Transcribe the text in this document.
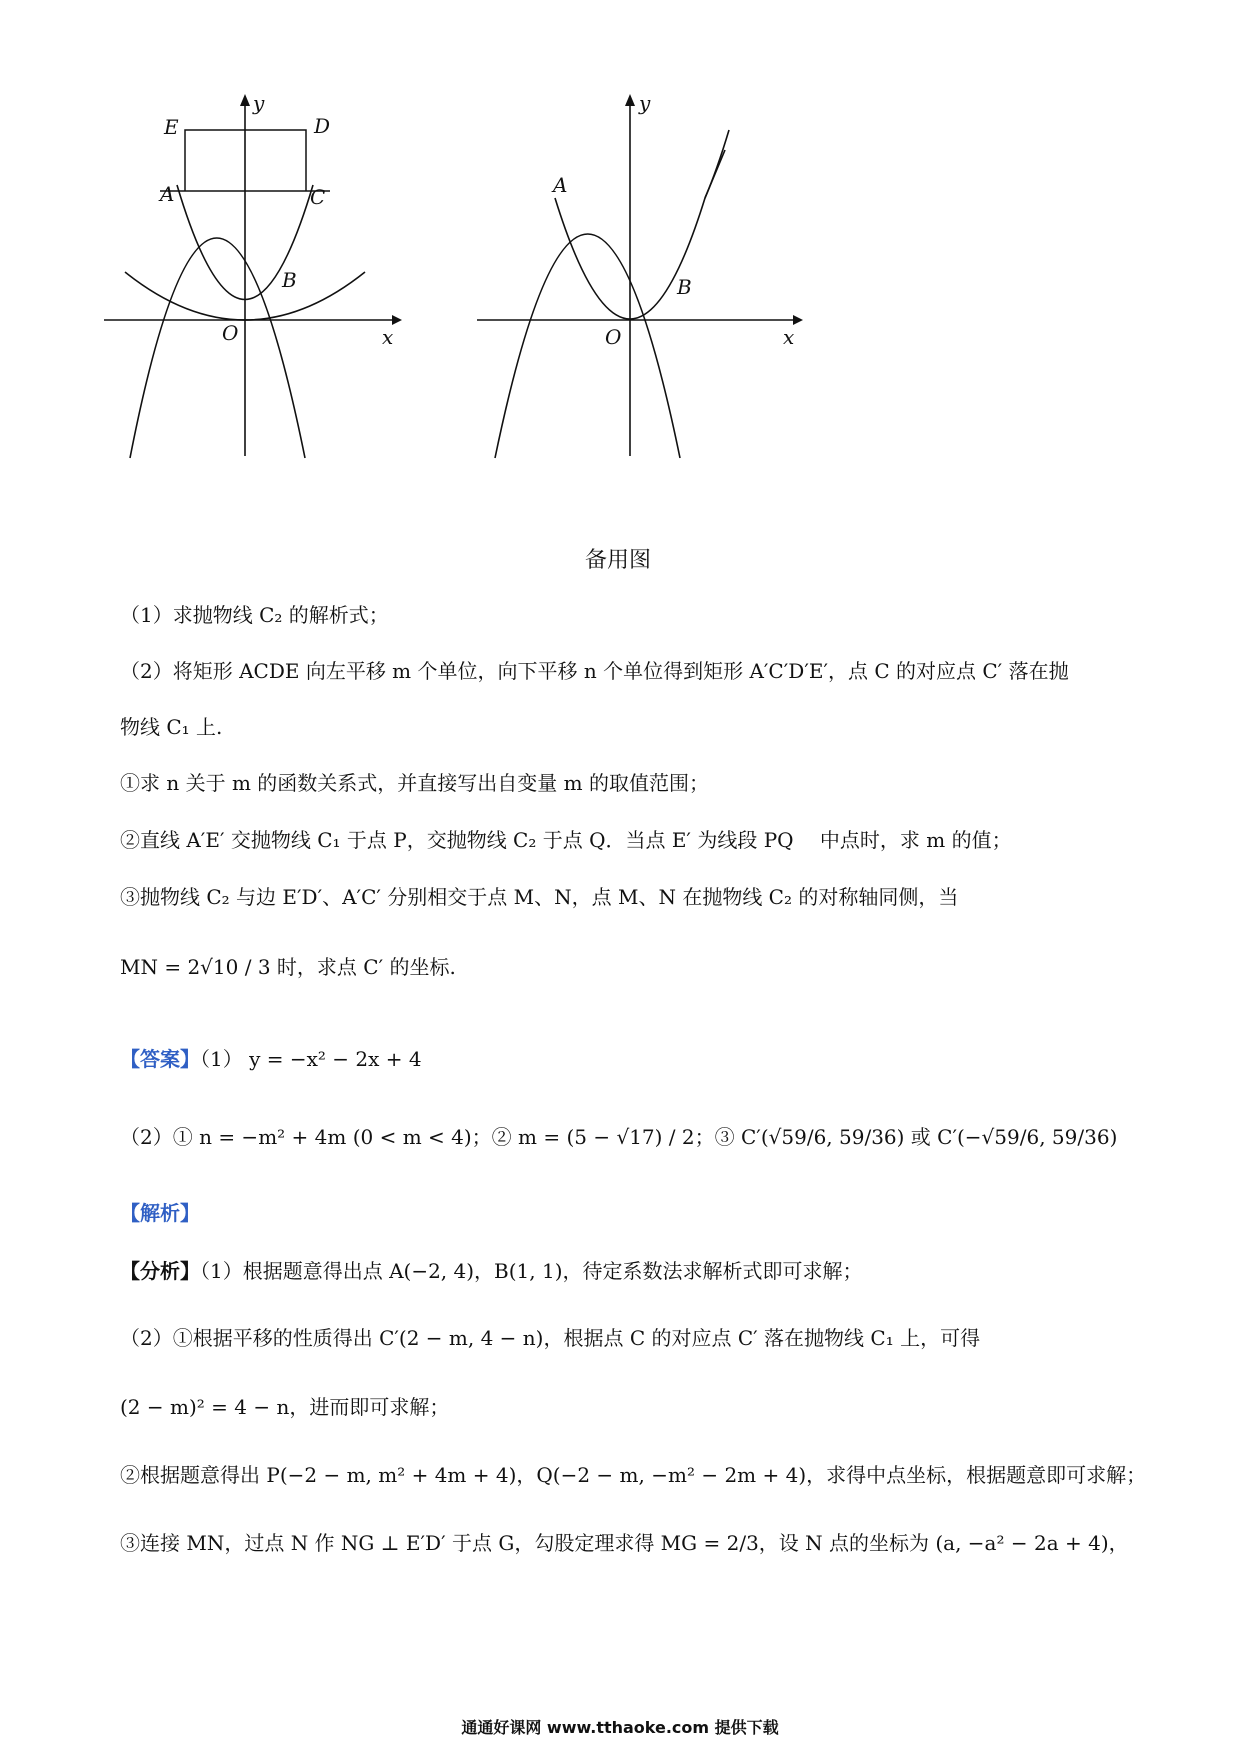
E	D
A	C
B
O	x
y
A
B
O	x
y
备用图
（1）求抛物线 C₂ 的解析式；
（2）将矩形 ACDE 向左平移 m 个单位，向下平移 n 个单位得到矩形 A′C′D′E′，点 C 的对应点 C′ 落在抛
物线 C₁ 上.
①求 n 关于 m 的函数关系式，并直接写出自变量 m 的取值范围；
②直线 A′E′ 交抛物线 C₁ 于点 P，交抛物线 C₂ 于点 Q．当点 E′ 为线段 PQ　 中点时，求 m 的值；
③抛物线 C₂ 与边 E′D′、A′C′ 分别相交于点 M、N，点 M、N 在抛物线 C₂ 的对称轴同侧，当
MN = 2√10 / 3 时，求点 C′ 的坐标.
【答案】（1） y = −x² − 2x + 4
（2）① n = −m² + 4m (0 < m < 4)；② m = (5 − √17) / 2；③ C′(√59/6, 59/36) 或 C′(−√59/6, 59/36)
【解析】
【分析】（1）根据题意得出点 A(−2, 4)，B(1, 1)，待定系数法求解析式即可求解；
（2）①根据平移的性质得出 C′(2 − m, 4 − n)，根据点 C 的对应点 C′ 落在抛物线 C₁ 上，可得
(2 − m)² = 4 − n，进而即可求解；
②根据题意得出 P(−2 − m, m² + 4m + 4)，Q(−2 − m, −m² − 2m + 4)，求得中点坐标，根据题意即可求解；
③连接 MN，过点 N 作 NG ⊥ E′D′ 于点 G，勾股定理求得 MG = 2/3，设 N 点的坐标为 (a, −a² − 2a + 4)，
通通好课网 www.tthaoke.com 提供下载
